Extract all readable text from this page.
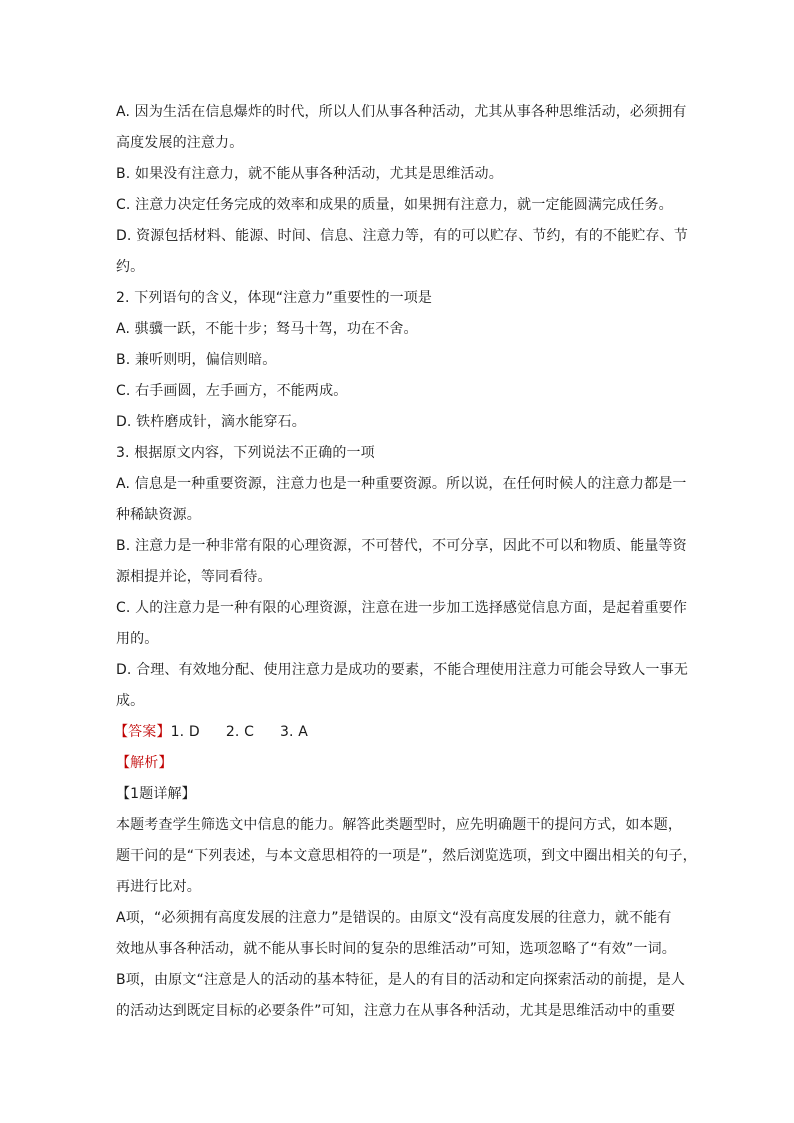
A. 因为生活在信息爆炸的时代，所以人们从事各种活动，尤其从事各种思维活动，必须拥有
高度发展的注意力。
B. 如果没有注意力，就不能从事各种活动，尤其是思维活动。
C. 注意力决定任务完成的效率和成果的质量，如果拥有注意力，就一定能圆满完成任务。
D. 资源包括材料、能源、时间、信息、注意力等，有的可以贮存、节约，有的不能贮存、节
约。
2. 下列语句的含义，体现“注意力”重要性的一项是
A. 骐骥一跃，不能十步；驽马十驾，功在不舍。
B. 兼听则明，偏信则暗。
C. 右手画圆，左手画方，不能两成。
D. 铁杵磨成针，滴水能穿石。
3. 根据原文内容，下列说法不正确的一项
A. 信息是一种重要资源，注意力也是一种重要资源。所以说，在任何时候人的注意力都是一
种稀缺资源。
B. 注意力是一种非常有限的心理资源，不可替代，不可分享，因此不可以和物质、能量等资
源相提并论，等同看待。
C. 人的注意力是一种有限的心理资源，注意在进一步加工选择感觉信息方面，是起着重要作
用的。
D. 合理、有效地分配、使用注意力是成功的要素，不能合理使用注意力可能会导致人一事无
成。
【答案】1. D 2. C 3. A
【解析】
【1题详解】
本题考查学生筛选文中信息的能力。解答此类题型时，应先明确题干的提问方式，如本题，
题干问的是“下列表述，与本文意思相符的一项是”，然后浏览选项，到文中圈出相关的句子，
再进行比对。
A项，“必须拥有高度发展的注意力”是错误的。由原文“没有高度发展的往意力，就不能有
效地从事各种活动，就不能从事长时间的复杂的思维活动”可知，选项忽略了“有效”一词。
B项，由原文“注意是人的活动的基本特征，是人的有目的活动和定向探索活动的前提，是人
的活动达到既定目标的必要条件”可知，注意力在从事各种活动，尤其是思维活动中的重要
